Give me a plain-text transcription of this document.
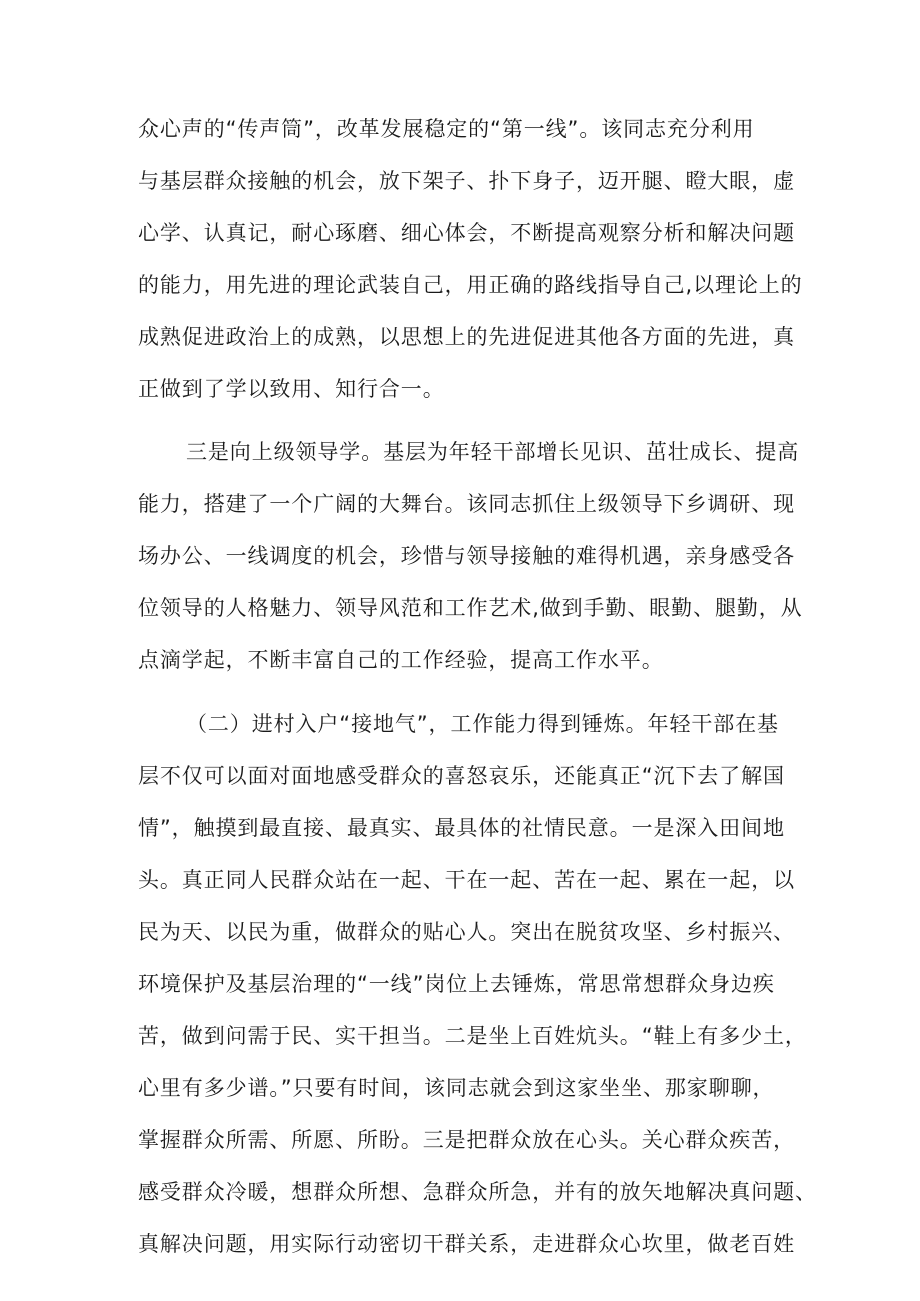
众心声的“传声筒”，改革发展稳定的“第一线”。该同志充分利用
与基层群众接触的机会，放下架子、扑下身子，迈开腿、瞪大眼，虚
心学、认真记，耐心琢磨、细心体会，不断提高观察分析和解决问题
的能力，用先进的理论武装自己，用正确的路线指导自己,以理论上的
成熟促进政治上的成熟，以思想上的先进促进其他各方面的先进，真
正做到了学以致用、知行合一。
三是向上级领导学。基层为年轻干部增长见识、茁壮成长、提高
能力，搭建了一个广阔的大舞台。该同志抓住上级领导下乡调研、现
场办公、一线调度的机会，珍惜与领导接触的难得机遇，亲身感受各
位领导的人格魅力、领导风范和工作艺术,做到手勤、眼勤、腿勤，从
点滴学起，不断丰富自己的工作经验，提高工作水平。
（二）进村入户“接地气”，工作能力得到锤炼。年轻干部在基
层不仅可以面对面地感受群众的喜怒哀乐，还能真正“沉下去了解国
情”，触摸到最直接、最真实、最具体的社情民意。一是深入田间地
头。真正同人民群众站在一起、干在一起、苦在一起、累在一起，以
民为天、以民为重，做群众的贴心人。突出在脱贫攻坚、乡村振兴、
环境保护及基层治理的“一线”岗位上去锤炼，常思常想群众身边疾
苦，做到问需于民、实干担当。二是坐上百姓炕头。“鞋上有多少土，
心里有多少谱。”只要有时间，该同志就会到这家坐坐、那家聊聊，
掌握群众所需、所愿、所盼。三是把群众放在心头。关心群众疾苦，
感受群众冷暖，想群众所想、急群众所急，并有的放矢地解决真问题、
真解决问题，用实际行动密切干群关系，走进群众心坎里，做老百姓
